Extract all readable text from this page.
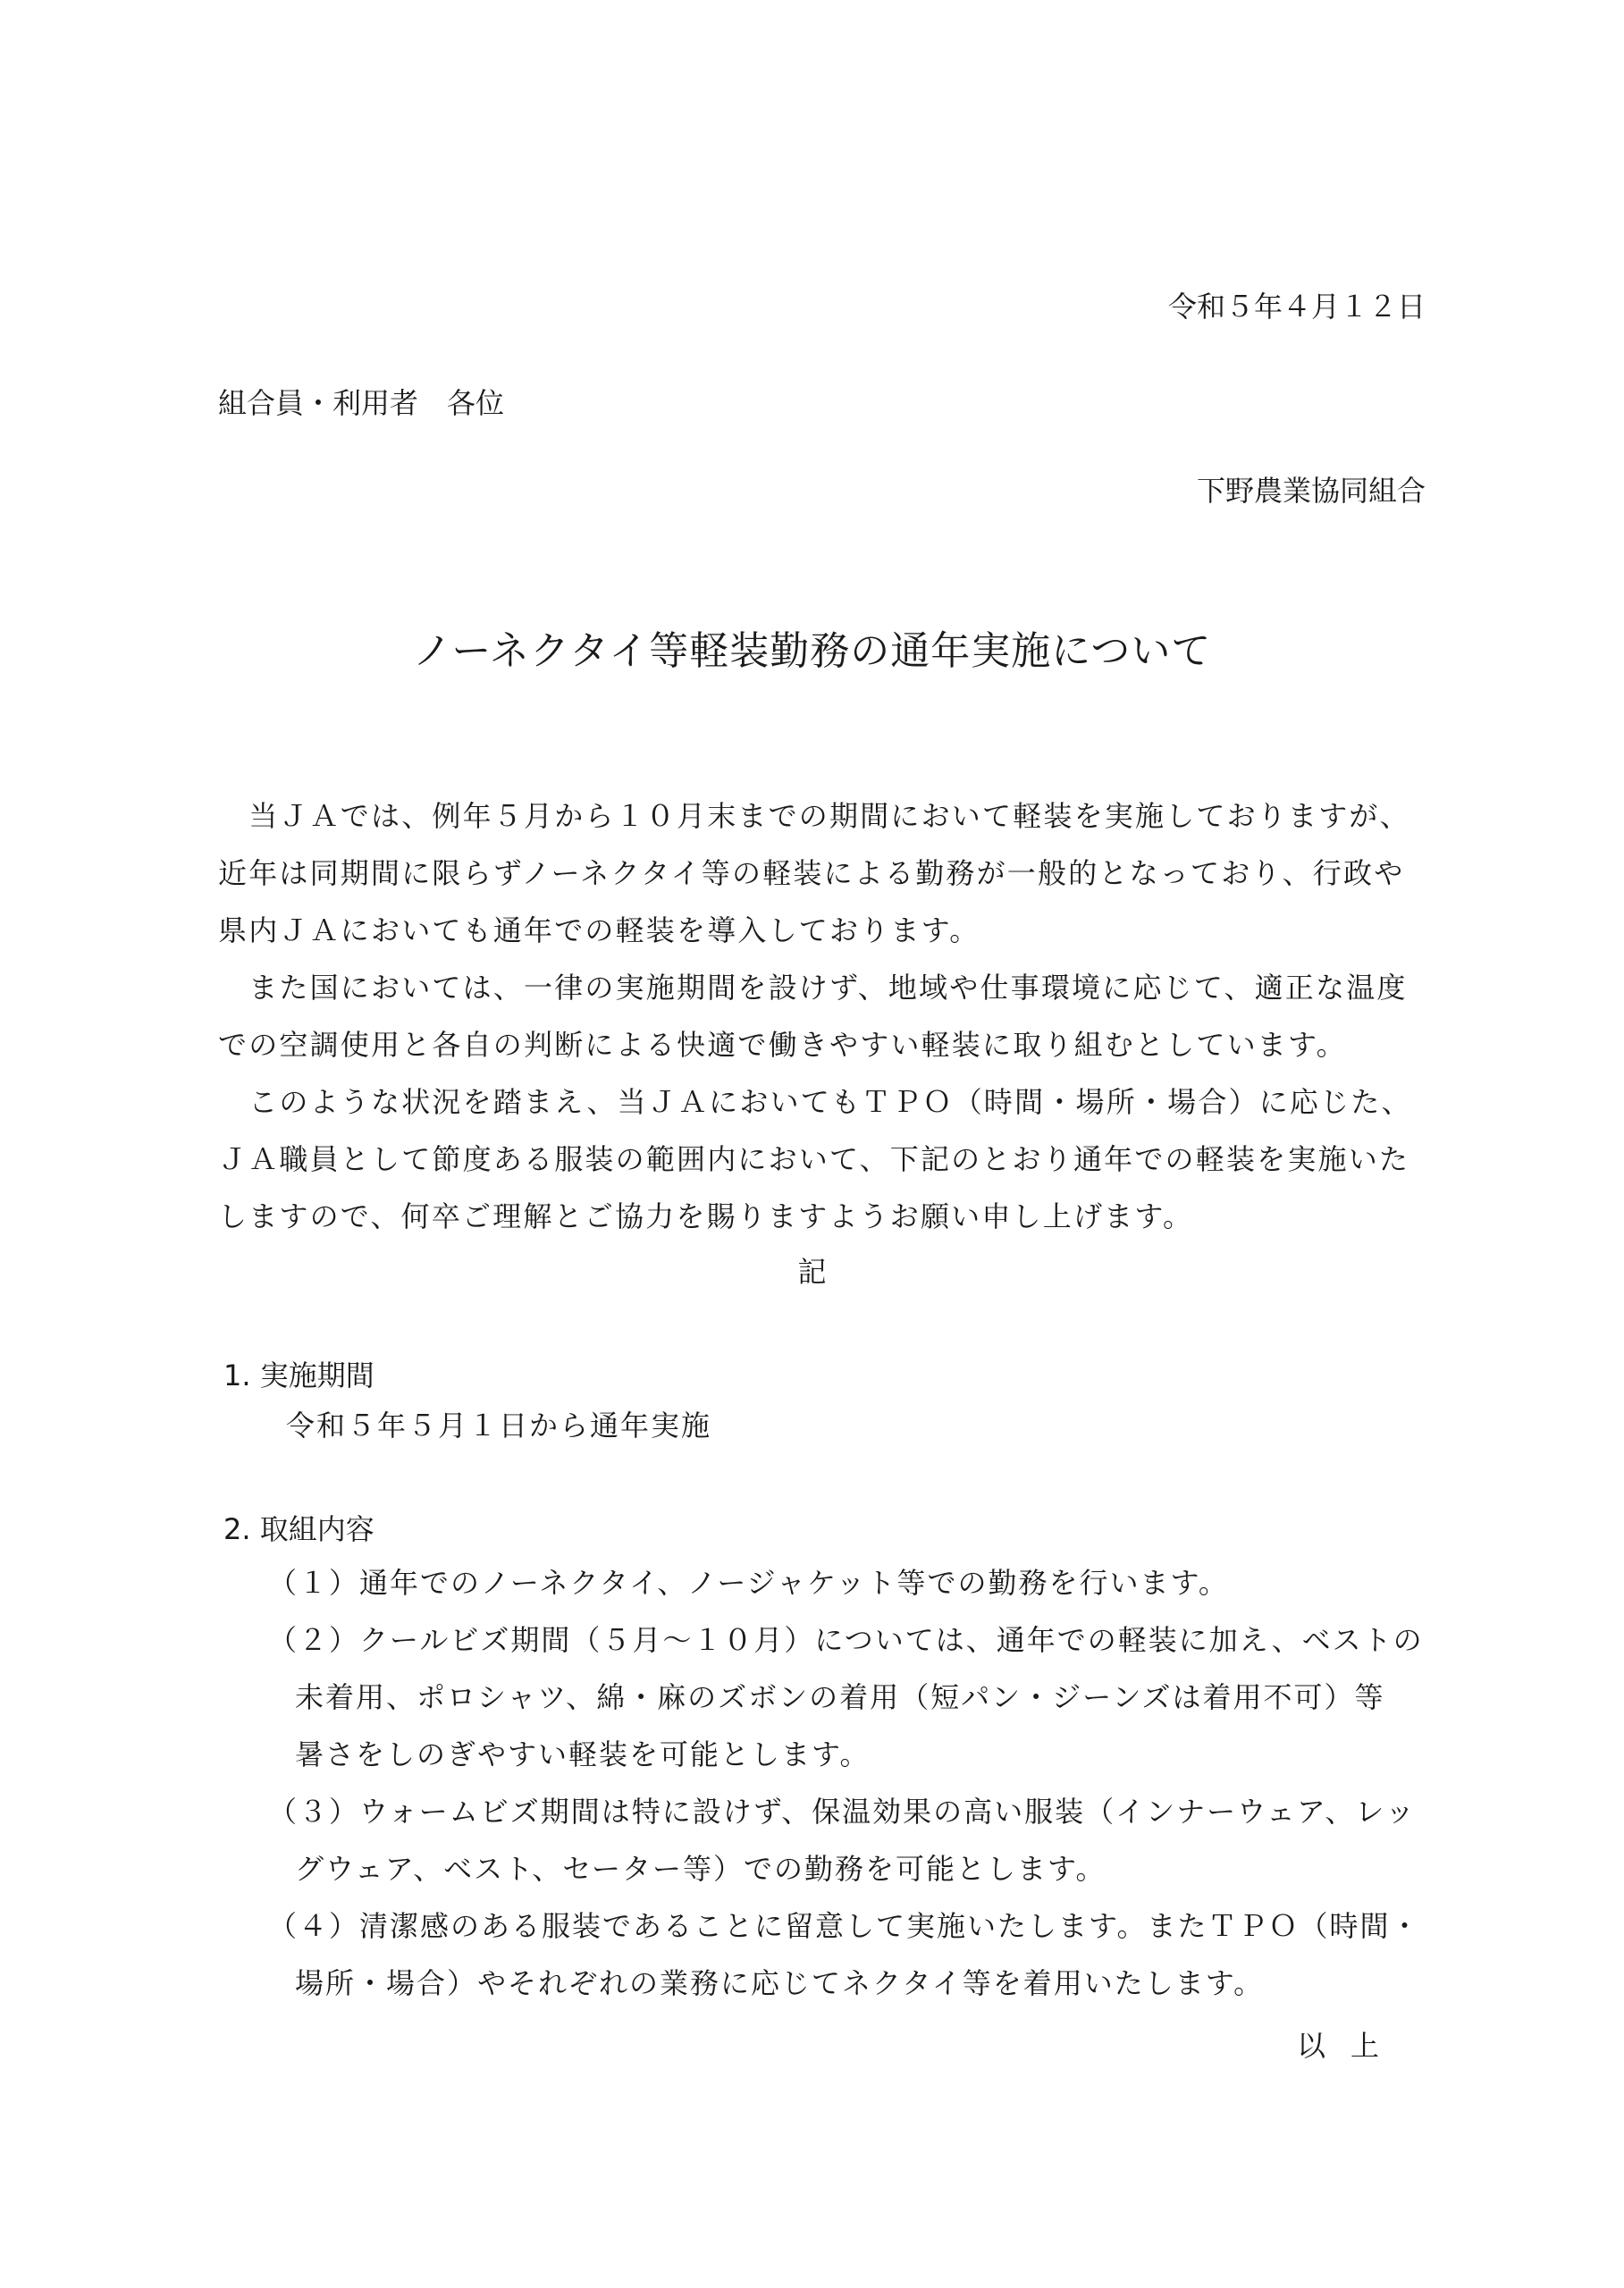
令和５年４月１２日
組合員・利用者　各位
下野農業協同組合
ノーネクタイ等軽装勤務の通年実施について
　当ＪＡでは、例年５月から１０月末までの期間において軽装を実施しておりますが、
近年は同期間に限らずノーネクタイ等の軽装による勤務が一般的となっており、行政や
県内ＪＡにおいても通年での軽装を導入しております。
　また国においては、一律の実施期間を設けず、地域や仕事環境に応じて、適正な温度
での空調使用と各自の判断による快適で働きやすい軽装に取り組むとしています。
　このような状況を踏まえ、当ＪＡにおいてもＴＰＯ（時間・場所・場合）に応じた、
ＪＡ職員として節度ある服装の範囲内において、下記のとおり通年での軽装を実施いた
しますので、何卒ご理解とご協力を賜りますようお願い申し上げます。
記
1. 実施期間
令和５年５月１日から通年実施
2. 取組内容
（１）通年でのノーネクタイ、ノージャケット等での勤務を行います。
（２）クールビズ期間（５月～１０月）については、通年での軽装に加え、ベストの
未着用、ポロシャツ、綿・麻のズボンの着用（短パン・ジーンズは着用不可）等
暑さをしのぎやすい軽装を可能とします。
（３）ウォームビズ期間は特に設けず、保温効果の高い服装（インナーウェア、レッ
グウェア、ベスト、セーター等）での勤務を可能とします。
（４）清潔感のある服装であることに留意して実施いたします。またＴＰＯ（時間・
場所・場合）やそれぞれの業務に応じてネクタイ等を着用いたします。
以上
